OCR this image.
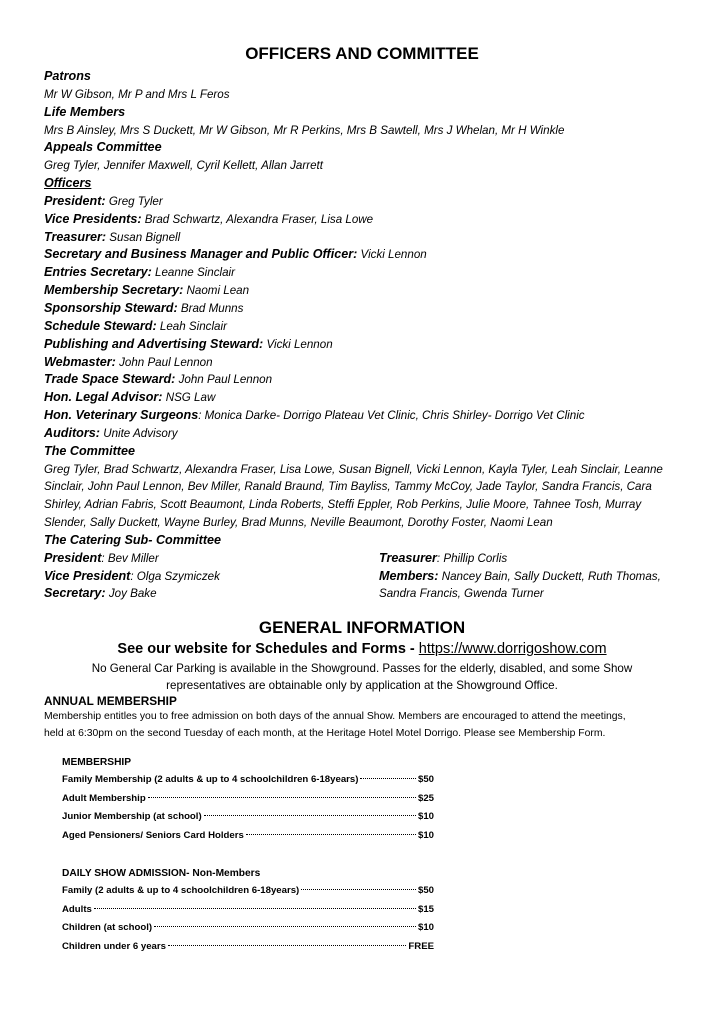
OFFICERS AND COMMITTEE
Patrons
Mr W Gibson, Mr P and Mrs L Feros
Life Members
Mrs B Ainsley, Mrs S Duckett, Mr W Gibson, Mr R Perkins, Mrs B Sawtell, Mrs J Whelan, Mr H Winkle
Appeals Committee
Greg Tyler, Jennifer Maxwell, Cyril Kellett, Allan Jarrett
Officers
President: Greg Tyler
Vice Presidents: Brad Schwartz, Alexandra Fraser, Lisa Lowe
Treasurer: Susan Bignell
Secretary and Business Manager and Public Officer: Vicki Lennon
Entries Secretary: Leanne Sinclair
Membership Secretary: Naomi Lean
Sponsorship Steward: Brad Munns
Schedule Steward: Leah Sinclair
Publishing and Advertising Steward: Vicki Lennon
Webmaster: John Paul Lennon
Trade Space Steward: John Paul Lennon
Hon. Legal Advisor: NSG Law
Hon. Veterinary Surgeons: Monica Darke- Dorrigo Plateau Vet Clinic, Chris Shirley- Dorrigo Vet Clinic
Auditors: Unite Advisory
The Committee
Greg Tyler, Brad Schwartz, Alexandra Fraser, Lisa Lowe, Susan Bignell, Vicki Lennon, Kayla Tyler, Leah Sinclair, Leanne
Sinclair, John Paul Lennon, Bev Miller, Ranald Braund, Tim Bayliss, Tammy McCoy, Jade Taylor, Sandra Francis, Cara
Shirley, Adrian Fabris, Scott Beaumont, Linda Roberts, Steffi Eppler, Rob Perkins, Julie Moore, Tahnee Tosh, Murray
Slender, Sally Duckett, Wayne Burley, Brad Munns, Neville Beaumont, Dorothy Foster, Naomi Lean
The Catering Sub- Committee
President: Bev Miller
Vice President: Olga Szymiczek
Secretary: Joy Bake
Treasurer: Phillip Corlis
Members: Nancey Bain, Sally Duckett, Ruth Thomas,
Sandra Francis, Gwenda Turner
GENERAL INFORMATION
See our website for Schedules and Forms - https://www.dorrigoshow.com
No General Car Parking is available in the Showground. Passes for the elderly, disabled, and some Show
representatives are obtainable only by application at the Showground Office.
ANNUAL MEMBERSHIP
Membership entitles you to free admission on both days of the annual Show. Members are encouraged to attend the meetings,
held at 6:30pm on the second Tuesday of each month, at the Heritage Hotel Motel Dorrigo. Please see Membership Form.
MEMBERSHIP
Family Membership (2 adults & up to 4 schoolchildren 6-18years)	$50
Adult Membership	$25
Junior Membership (at school)	$10
Aged Pensioners/ Seniors Card Holders	$10
DAILY SHOW ADMISSION- Non-Members
Family (2 adults & up to 4 schoolchildren 6-18years)	$50
Adults	$15
Children (at school)	$10
Children under 6 years	FREE
